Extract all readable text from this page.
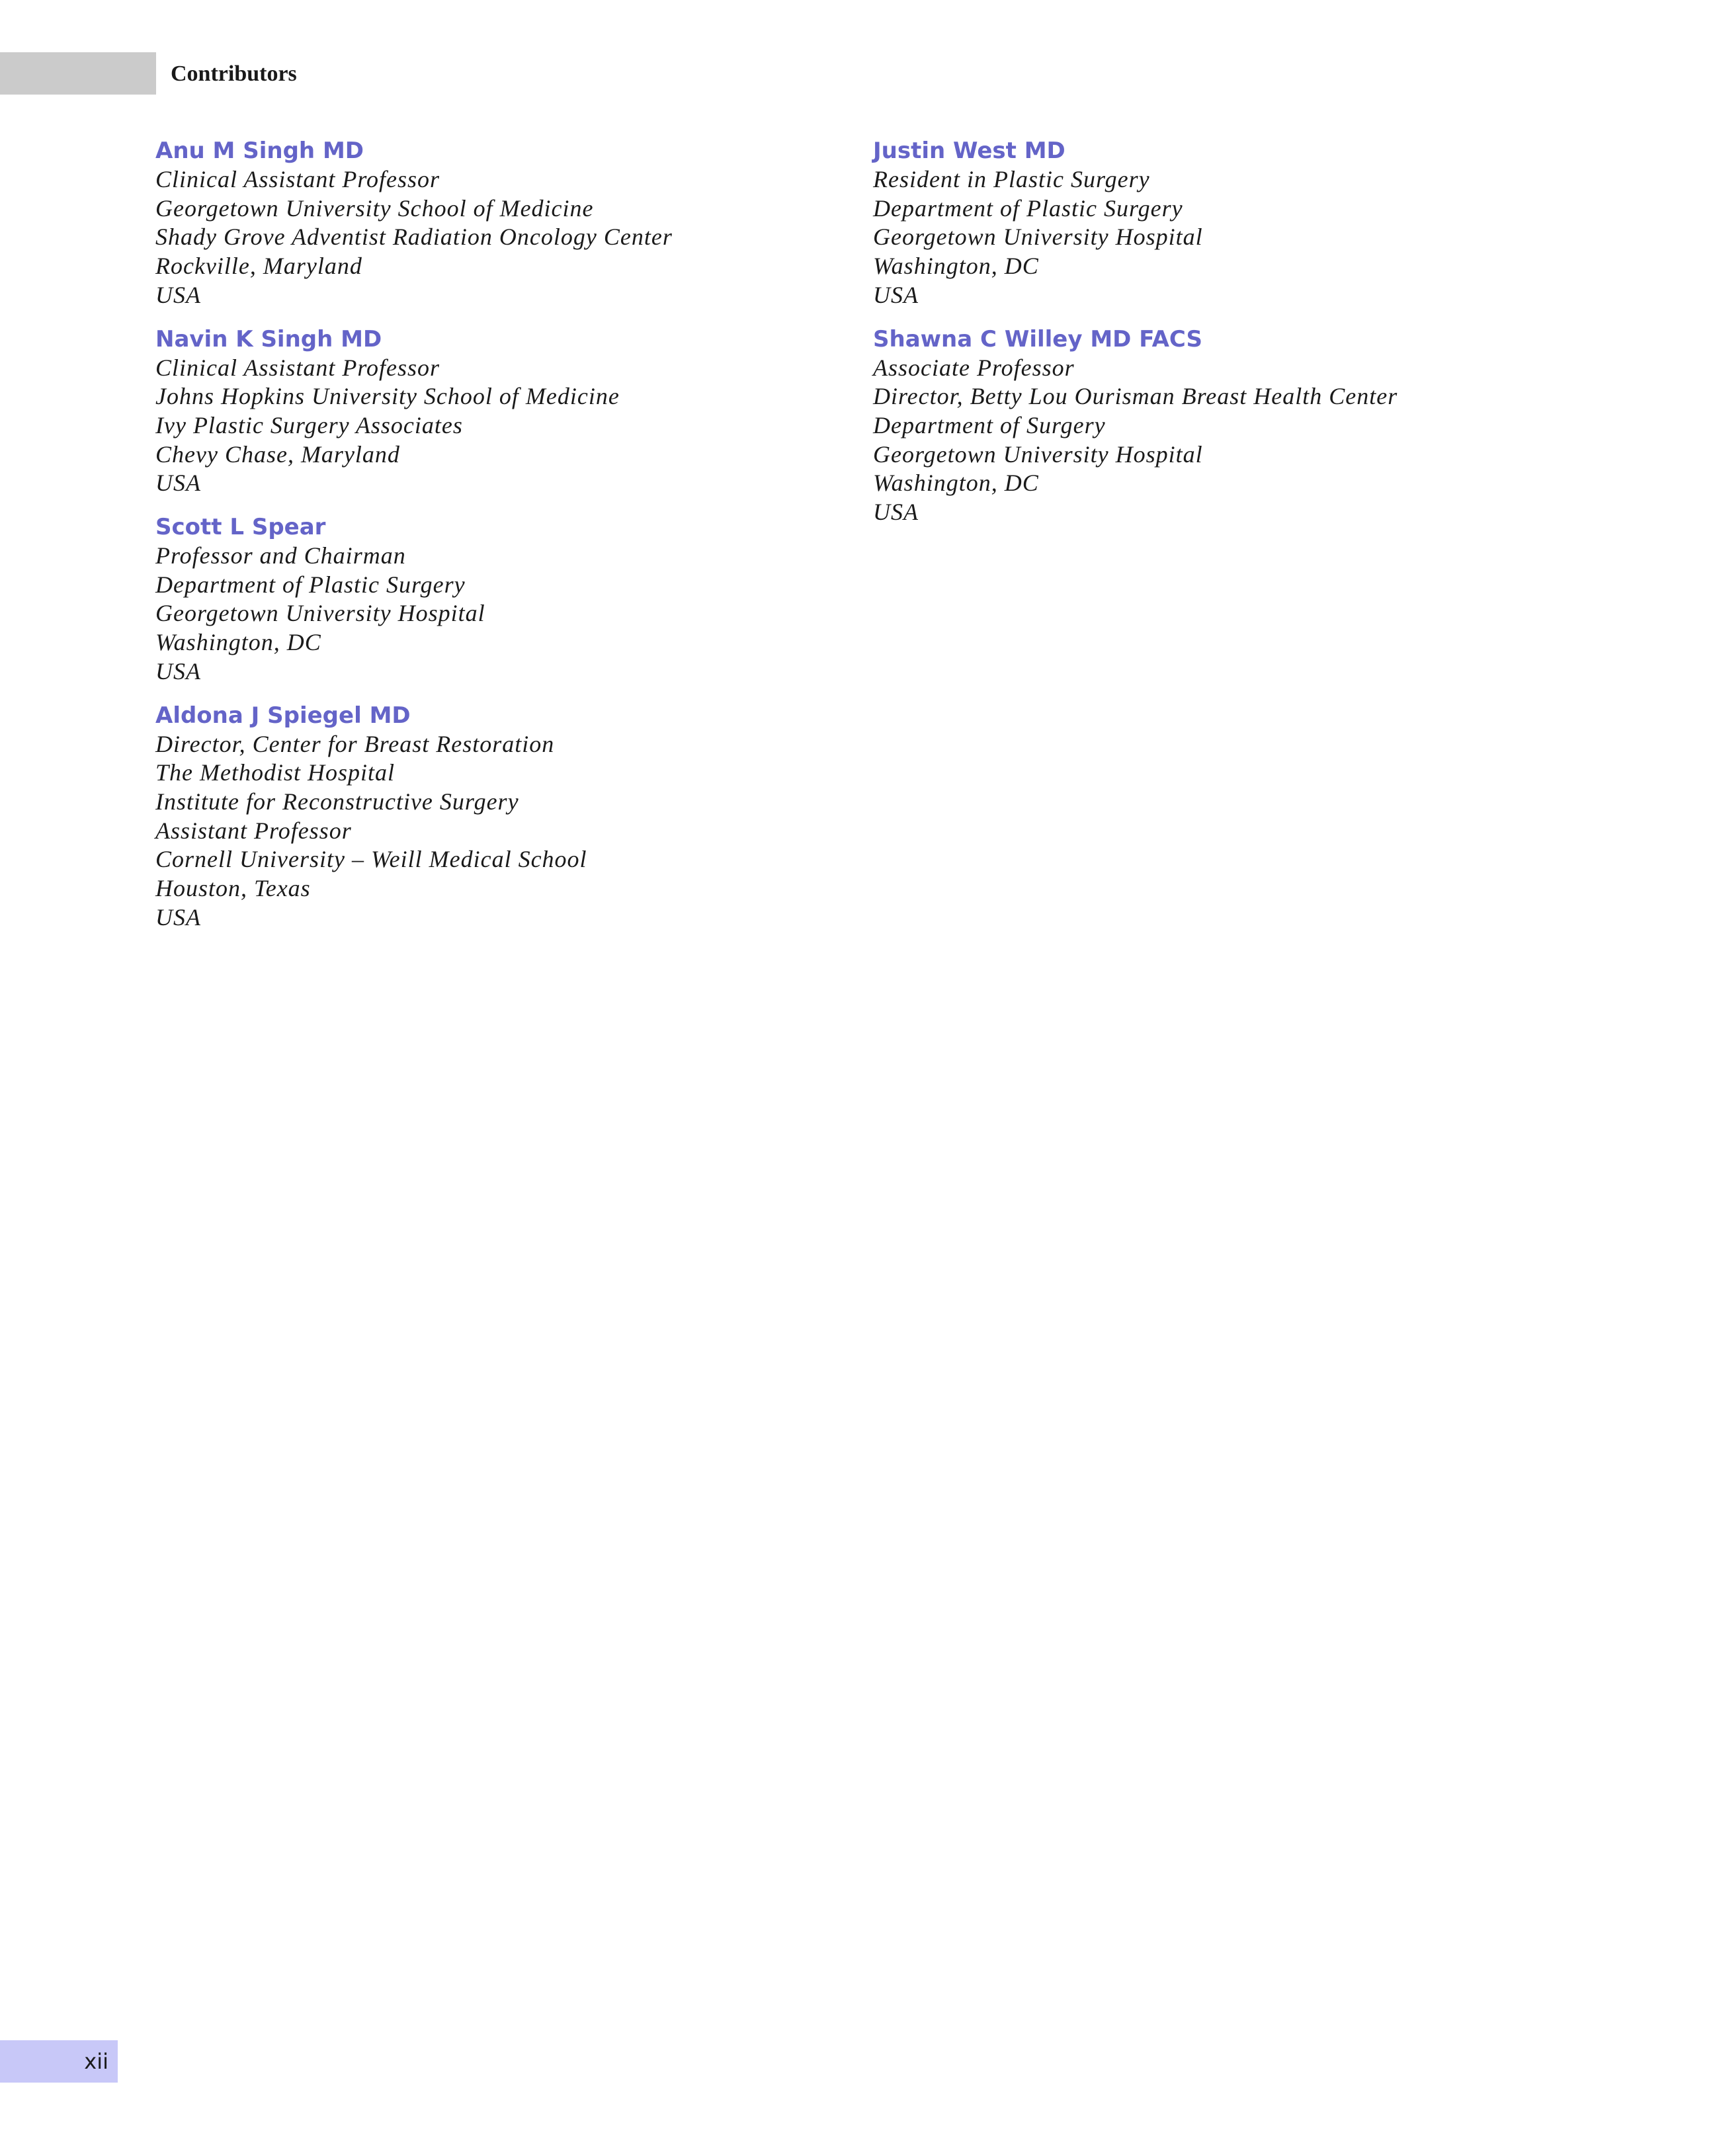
Contributors
Anu M Singh MD
Clinical Assistant Professor
Georgetown University School of Medicine
Shady Grove Adventist Radiation Oncology Center
Rockville, Maryland
USA
Navin K Singh MD
Clinical Assistant Professor
Johns Hopkins University School of Medicine
Ivy Plastic Surgery Associates
Chevy Chase, Maryland
USA
Scott L Spear
Professor and Chairman
Department of Plastic Surgery
Georgetown University Hospital
Washington, DC
USA
Aldona J Spiegel MD
Director, Center for Breast Restoration
The Methodist Hospital
Institute for Reconstructive Surgery
Assistant Professor
Cornell University – Weill Medical School
Houston, Texas
USA
Justin West MD
Resident in Plastic Surgery
Department of Plastic Surgery
Georgetown University Hospital
Washington, DC
USA
Shawna C Willey MD FACS
Associate Professor
Director, Betty Lou Ourisman Breast Health Center
Department of Surgery
Georgetown University Hospital
Washington, DC
USA
xii
